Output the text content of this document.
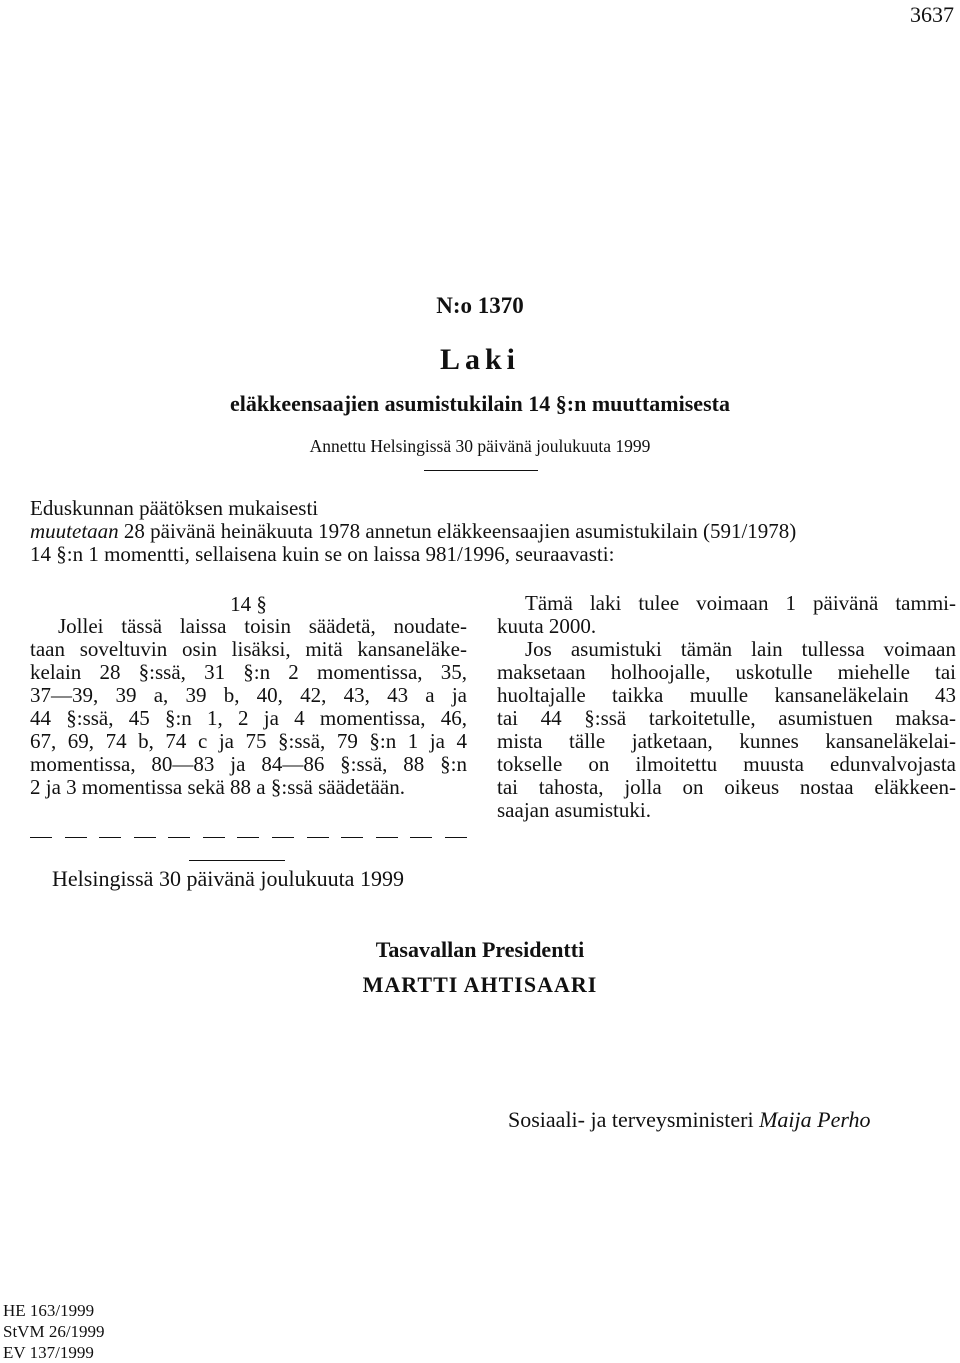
3637
N:o 1370
Laki
eläkkeensaajien asumistukilain 14 §:n muuttamisesta
Annettu Helsingissä 30 päivänä joulukuuta 1999
Eduskunnan päätöksen mukaisesti
muutetaan 28 päivänä heinäkuuta 1978 annetun eläkkeensaajien asumistukilain (591/1978)
14 §:n 1 momentti, sellaisena kuin se on laissa 981/1996, seuraavasti:
14 §
Jollei tässä laissa toisin säädetä, noudate-
taan soveltuvin osin lisäksi, mitä kansaneläke-
kelain 28 §:ssä, 31 §:n 2 momentissa, 35,
37—39, 39 a, 39 b, 40, 42, 43, 43 a ja
44 §:ssä, 45 §:n 1, 2 ja 4 momentissa, 46,
67, 69, 74 b, 74 c ja 75 §:ssä, 79 §:n 1 ja 4
momentissa, 80—83 ja 84—86 §:ssä, 88 §:n
2 ja 3 momentissa sekä 88 a §:ssä säädetään.
Tämä laki tulee voimaan 1 päivänä tammi-
kuuta 2000.
Jos asumistuki tämän lain tullessa voimaan
maksetaan holhoojalle, uskotulle miehelle tai
huoltajalle taikka muulle kansaneläkelain 43
tai 44 §:ssä tarkoitetulle, asumistuen maksa-
mista tälle jatketaan, kunnes kansaneläkelai-
tokselle on ilmoitettu muusta edunvalvojasta
tai tahosta, jolla on oikeus nostaa eläkkeen-
saajan asumistuki.
Helsingissä 30 päivänä joulukuuta 1999
Tasavallan Presidentti
MARTTI AHTISAARI
Sosiaali- ja terveysministeri Maija Perho
HE 163/1999
StVM 26/1999
EV 137/1999
